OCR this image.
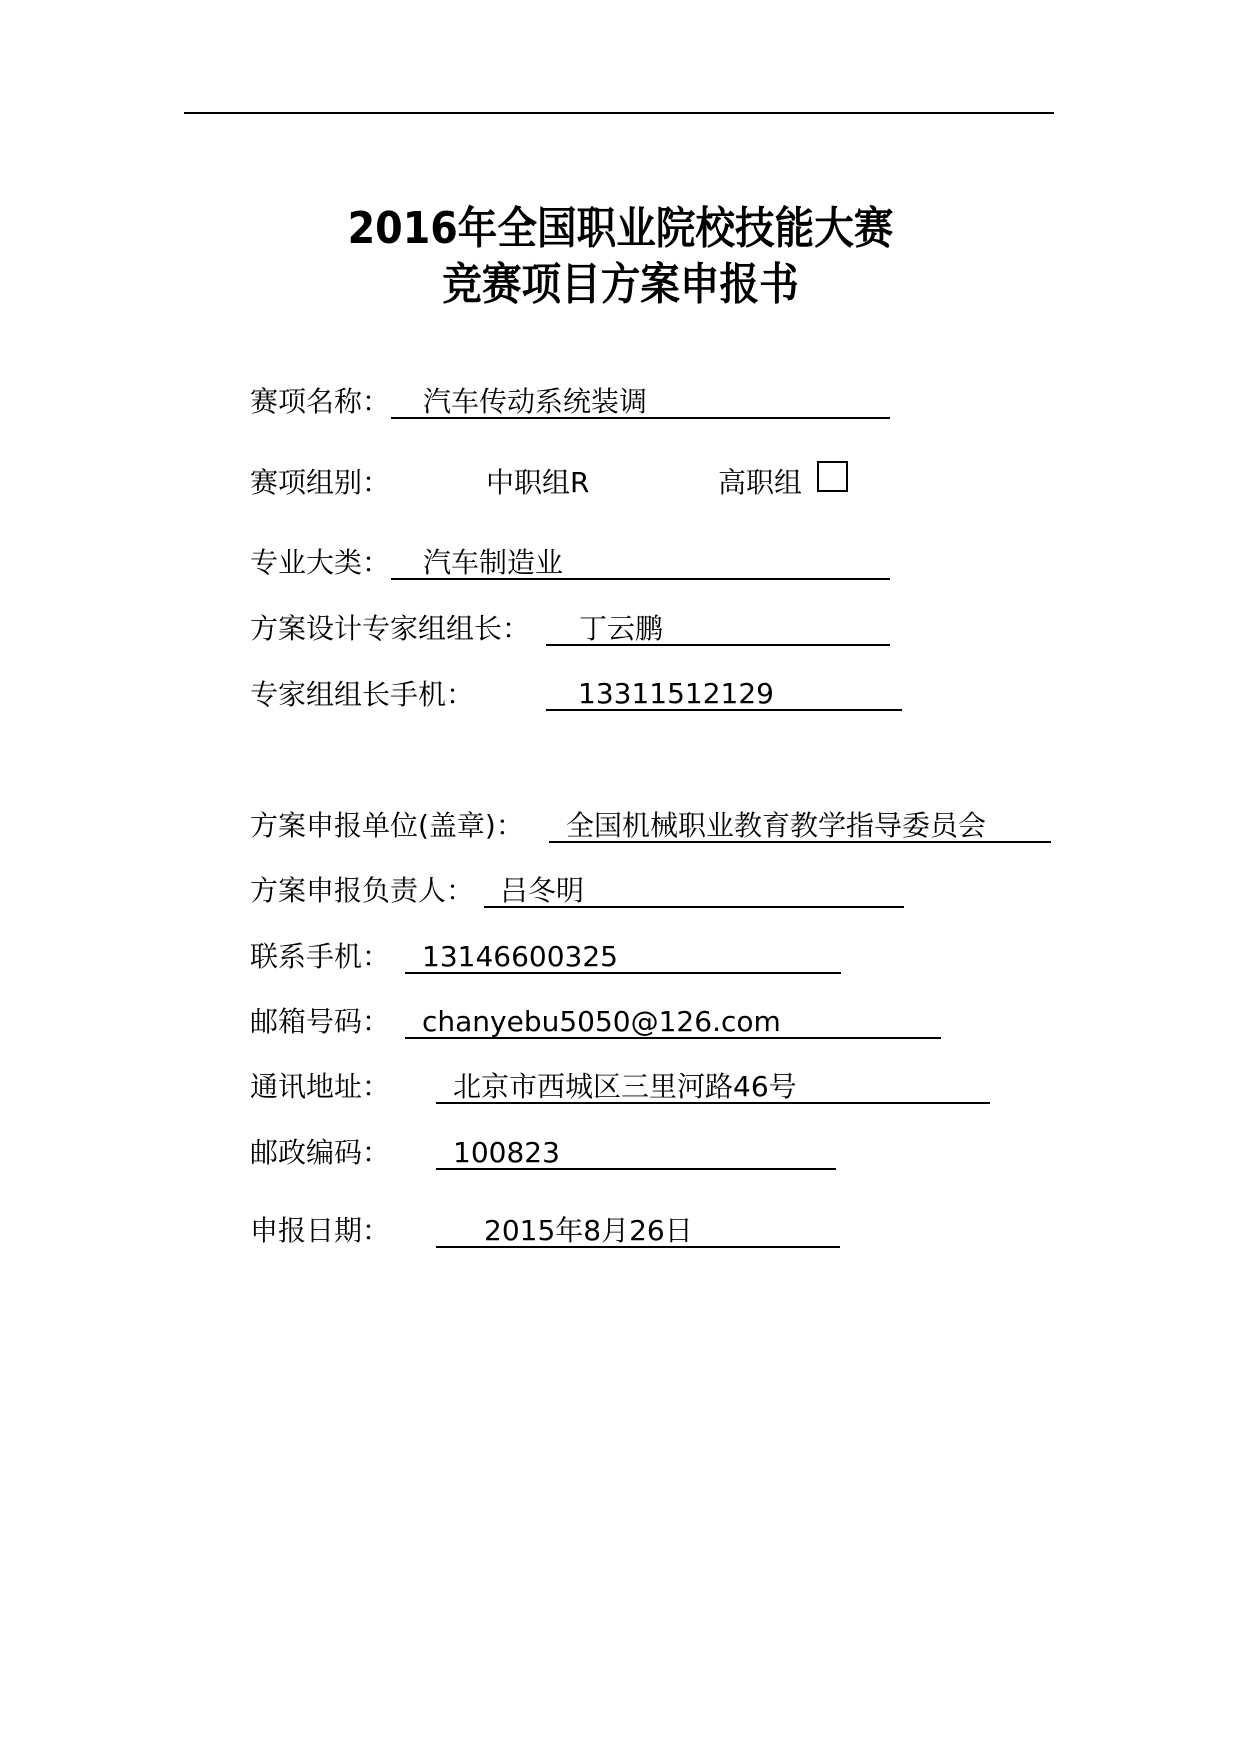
2016年全国职业院校技能大赛
竞赛项目方案申报书
赛项名称：	汽车传动系统装调
赛项组别：	中职组R	高职组
专业大类：	汽车制造业
方案设计专家组组长：	丁云鹏
专家组组长手机：	13311512129
方案申报单位(盖章)：	全国机械职业教育教学指导委员会
方案申报负责人： 吕冬明
联系手机：	13146600325
邮箱号码：	chanyebu5050@126.com
通讯地址：	北京市西城区三里河路46号
邮政编码：	100823
申报日期：	2015年8月26日
